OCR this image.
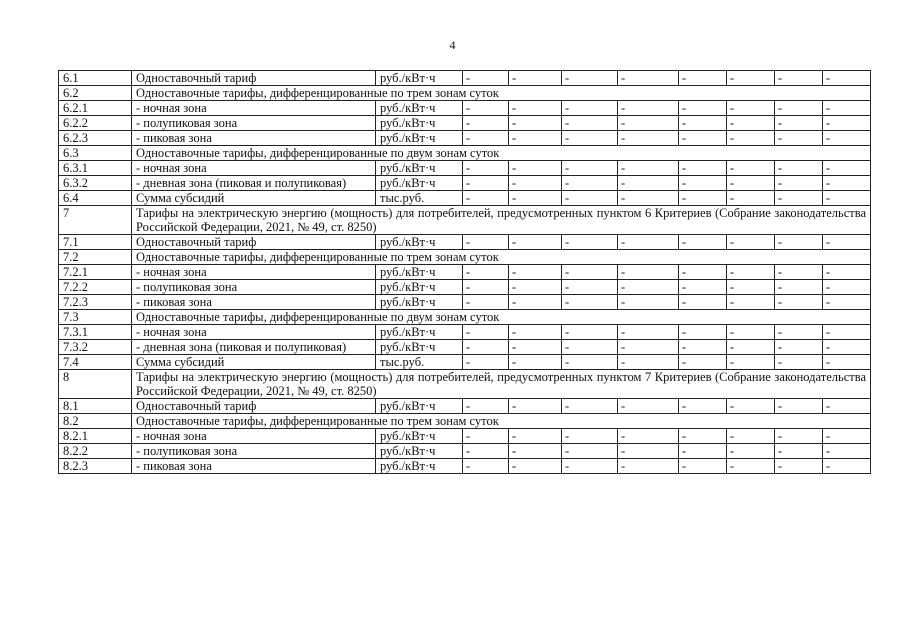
4
6.1	Одноставочный тариф	руб./кВт·ч	-	-	-	-	-	-	-	-
6.2	Одноставочные тарифы, дифференцированные по трем зонам суток									
6.2.1	- ночная зона	руб./кВт·ч	-	-	-	-	-	-	-	-
6.2.2	- полупиковая зона	руб./кВт·ч	-	-	-	-	-	-	-	-
6.2.3	- пиковая зона	руб./кВт·ч	-	-	-	-	-	-	-	-
6.3	Одноставочные тарифы, дифференцированные по двум зонам суток									
6.3.1	- ночная зона	руб./кВт·ч	-	-	-	-	-	-	-	-
6.3.2	- дневная зона (пиковая и полупиковая)	руб./кВт·ч	-	-	-	-	-	-	-	-
6.4	Сумма субсидий	тыс.руб.	-	-	-	-	-	-	-	-
7	Тарифы на электрическую энергию (мощность) для потребителей, предусмотренных пунктом 6 Критериев (Собрание законодательства Российской Федерации, 2021, № 49, ст. 8250)									
7.1	Одноставочный тариф	руб./кВт·ч	-	-	-	-	-	-	-	-
7.2	Одноставочные тарифы, дифференцированные по трем зонам суток									
7.2.1	- ночная зона	руб./кВт·ч	-	-	-	-	-	-	-	-
7.2.2	- полупиковая зона	руб./кВт·ч	-	-	-	-	-	-	-	-
7.2.3	- пиковая зона	руб./кВт·ч	-	-	-	-	-	-	-	-
7.3	Одноставочные тарифы, дифференцированные по двум зонам суток									
7.3.1	- ночная зона	руб./кВт·ч	-	-	-	-	-	-	-	-
7.3.2	- дневная зона (пиковая и полупиковая)	руб./кВт·ч	-	-	-	-	-	-	-	-
7.4	Сумма субсидий	тыс.руб.	-	-	-	-	-	-	-	-
8	Тарифы на электрическую энергию (мощность) для потребителей, предусмотренных пунктом 7 Критериев (Собрание законодательства Российской Федерации, 2021, № 49, ст. 8250)									
8.1	Одноставочный тариф	руб./кВт·ч	-	-	-	-	-	-	-	-
8.2	Одноставочные тарифы, дифференцированные по трем зонам суток									
8.2.1	- ночная зона	руб./кВт·ч	-	-	-	-	-	-	-	-
8.2.2	- полупиковая зона	руб./кВт·ч	-	-	-	-	-	-	-	-
8.2.3	- пиковая зона	руб./кВт·ч	-	-	-	-	-	-	-	-
